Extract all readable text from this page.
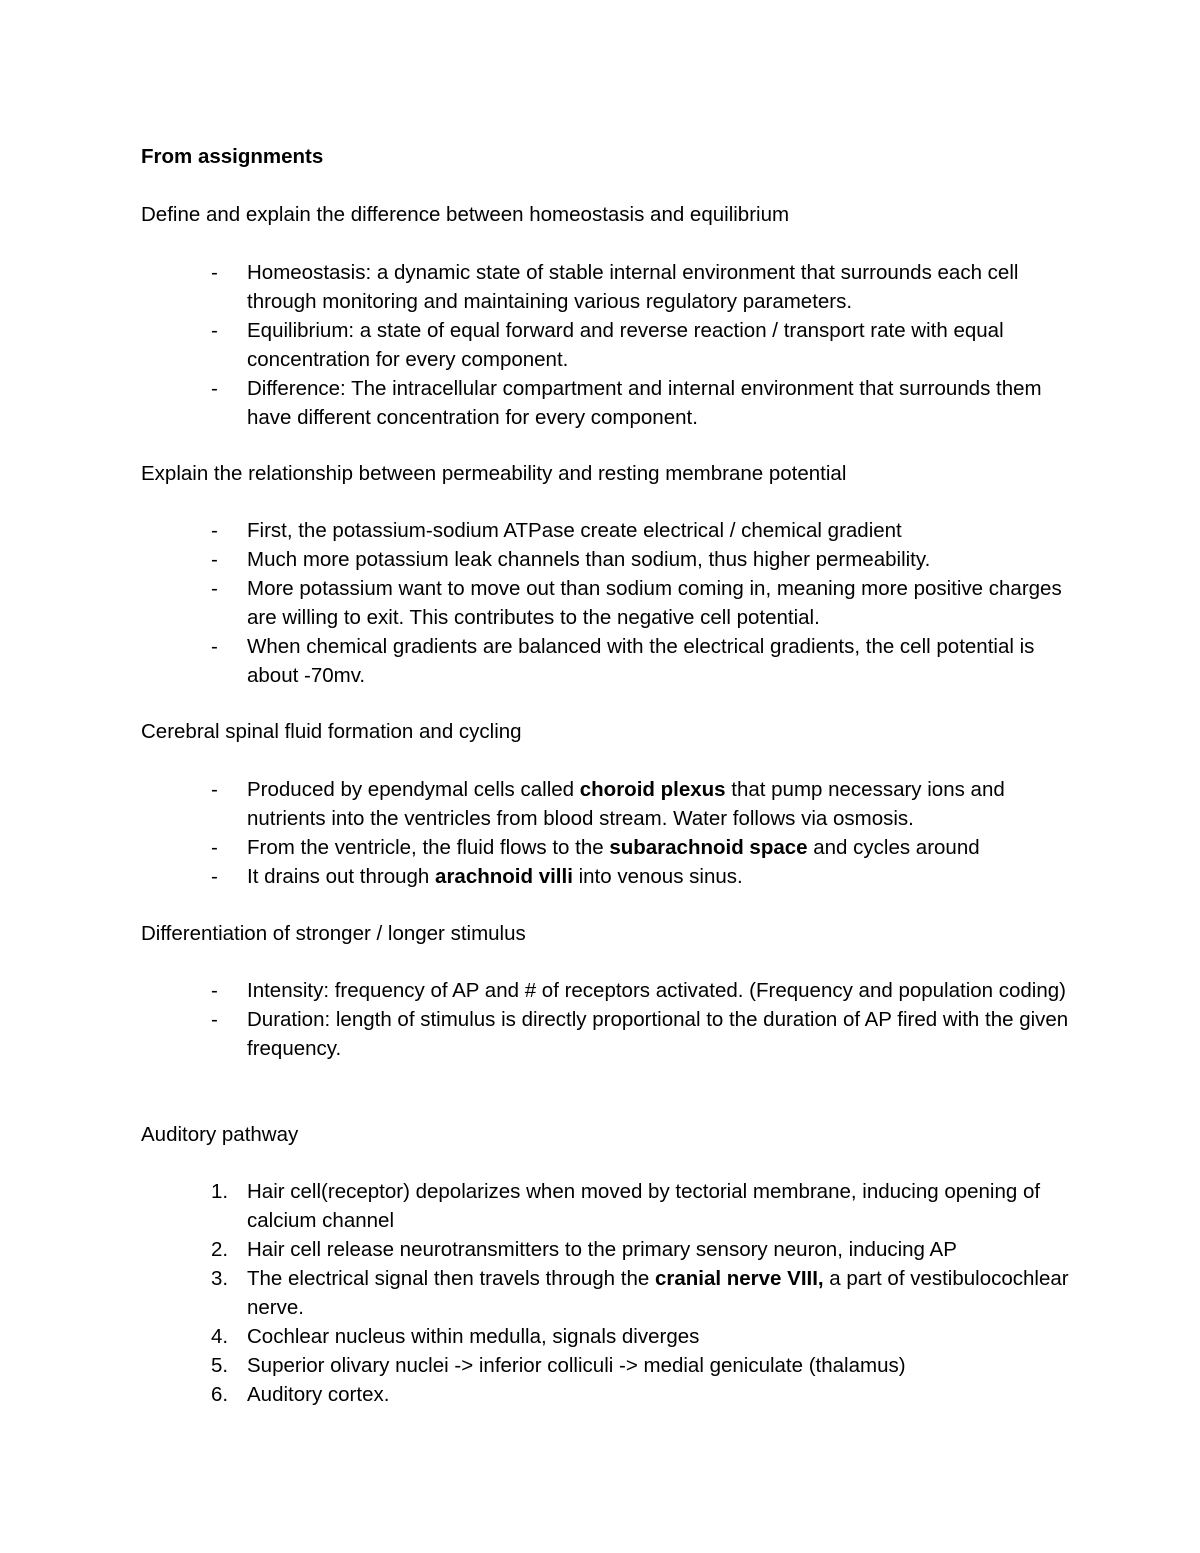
From assignments

Define and explain the difference between homeostasis and equilibrium

- Homeostasis: a dynamic state of stable internal environment that surrounds each cell through monitoring and maintaining various regulatory parameters.
- Equilibrium: a state of equal forward and reverse reaction / transport rate with equal concentration for every component.
- Difference: The intracellular compartment and internal environment that surrounds them have different concentration for every component.

Explain the relationship between permeability and resting membrane potential

- First, the potassium-sodium ATPase create electrical / chemical gradient
- Much more potassium leak channels than sodium, thus higher permeability.
- More potassium want to move out than sodium coming in, meaning more positive charges are willing to exit. This contributes to the negative cell potential.
- When chemical gradients are balanced with the electrical gradients, the cell potential is about -70mv.

Cerebral spinal fluid formation and cycling

- Produced by ependymal cells called choroid plexus that pump necessary ions and nutrients into the ventricles from blood stream. Water follows via osmosis.
- From the ventricle, the fluid flows to the subarachnoid space and cycles around
- It drains out through arachnoid villi into venous sinus.

Differentiation of stronger / longer stimulus

- Intensity: frequency of AP and # of receptors activated. (Frequency and population coding)
- Duration: length of stimulus is directly proportional to the duration of AP fired with the given frequency.

Auditory pathway

1. Hair cell(receptor) depolarizes when moved by tectorial membrane, inducing opening of calcium channel
2. Hair cell release neurotransmitters to the primary sensory neuron, inducing AP
3. The electrical signal then travels through the cranial nerve VIII, a part of vestibulocochlear nerve.
4. Cochlear nucleus within medulla, signals diverges
5. Superior olivary nuclei -> inferior colliculi -> medial geniculate (thalamus)
6. Auditory cortex.
